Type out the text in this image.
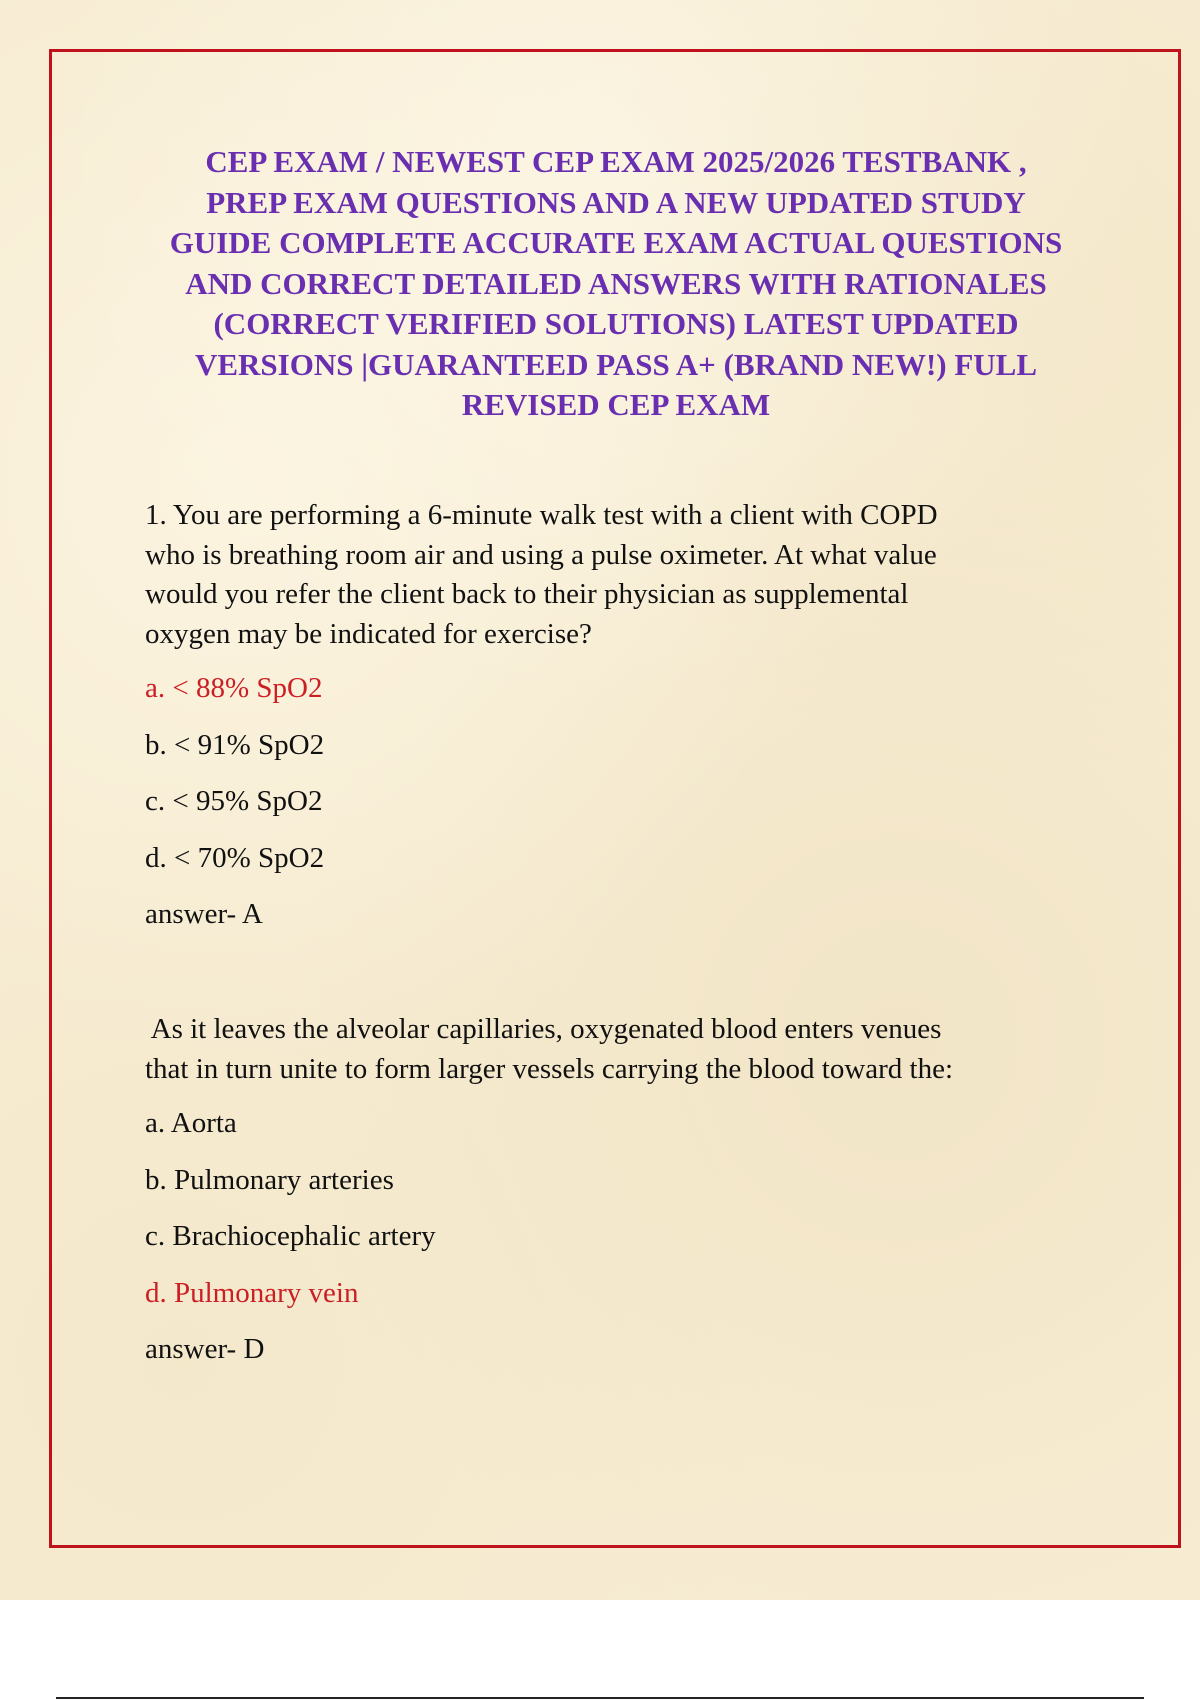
CEP EXAM / NEWEST CEP EXAM 2025/2026 TESTBANK ,
PREP EXAM QUESTIONS AND A NEW UPDATED STUDY
GUIDE COMPLETE ACCURATE EXAM ACTUAL QUESTIONS
AND CORRECT DETAILED ANSWERS WITH RATIONALES
(CORRECT VERIFIED SOLUTIONS) LATEST UPDATED
VERSIONS |GUARANTEED PASS A+ (BRAND NEW!) FULL
REVISED CEP EXAM

1. You are performing a 6-minute walk test with a client with COPD
who is breathing room air and using a pulse oximeter. At what value
would you refer the client back to their physician as supplemental
oxygen may be indicated for exercise?

a. < 88% SpO2

b. < 91% SpO2

c. < 95% SpO2

d. < 70% SpO2

answer- A

As it leaves the alveolar capillaries, oxygenated blood enters venues
that in turn unite to form larger vessels carrying the blood toward the:

a. Aorta

b. Pulmonary arteries

c. Brachiocephalic artery

d. Pulmonary vein

answer- D
